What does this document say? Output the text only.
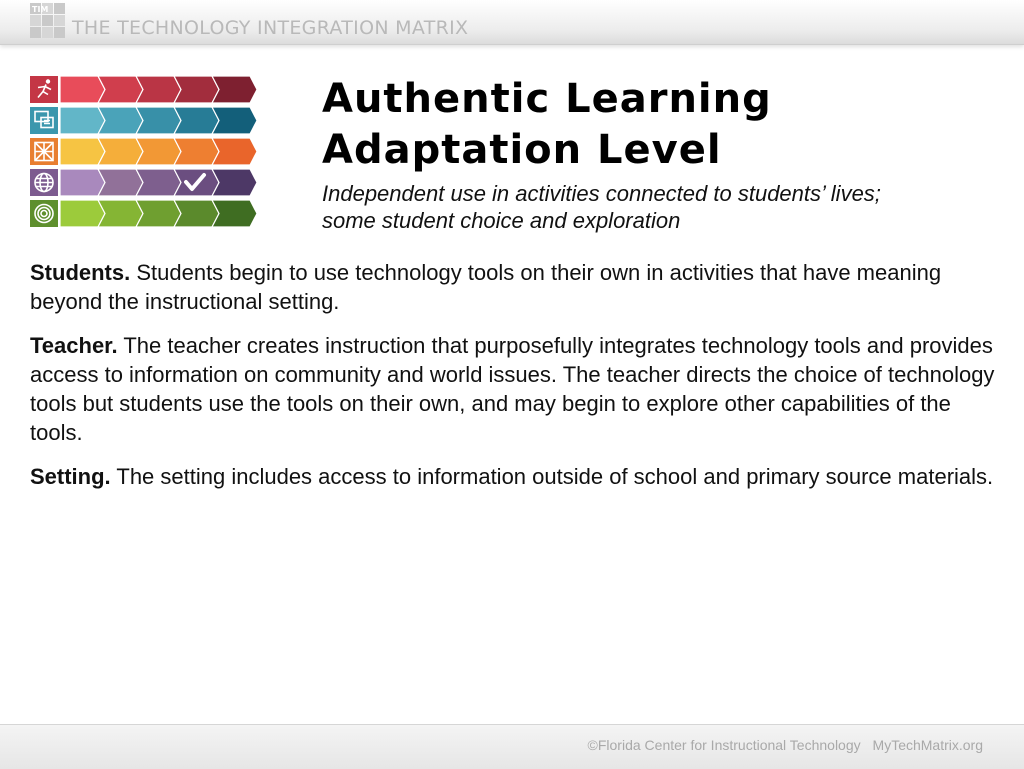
TIM
THE TECHNOLOGY INTEGRATION MATRIX
Authentic Learning
Adaptation Level
Independent use in activities connected to students’ lives;
some student choice and exploration

Students. Students begin to use technology tools on their own in activities that have meaning beyond the instructional setting.

Teacher. The teacher creates instruction that purposefully integrates technology tools and provides access to information on community and world issues. The teacher directs the choice of technology tools but students use the tools on their own, and may begin to explore other capabilities of the tools.

Setting. The setting includes access to information outside of school and primary source materials.

©Florida Center for Instructional Technology MyTechMatrix.org
